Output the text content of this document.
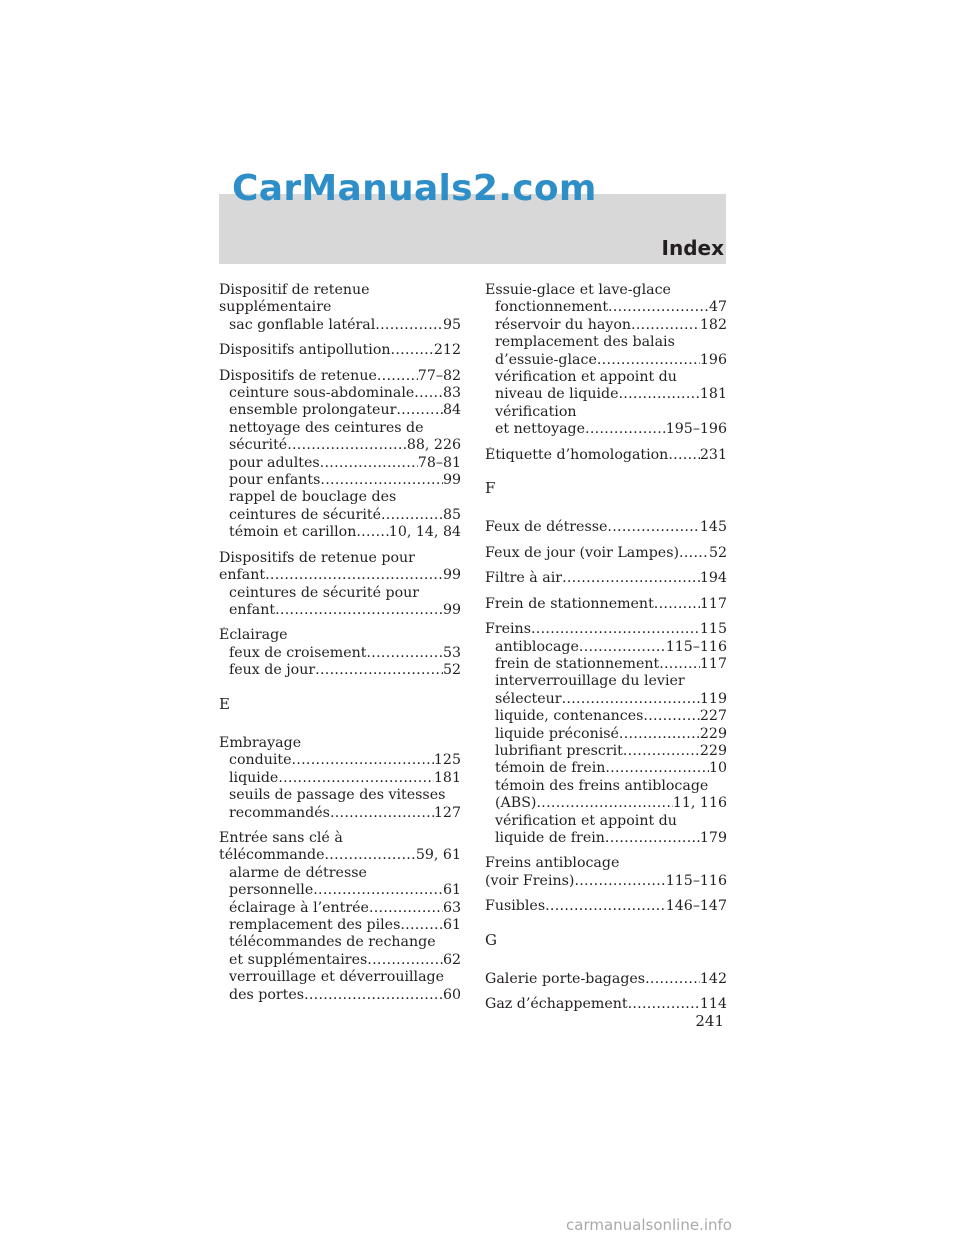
CarManuals2.com
Index
Dispositif de retenue
supplémentaire
sac gonflable latéral .....	95
Dispositifs antipollution .....	212
Dispositifs de retenue .....	77–82
ceinture sous-abdominale ..... 83
ensemble prolongateur .....	84
nettoyage des ceintures de
sécurité .....	88, 226
pour adultes .....	78–81
pour enfants .....	99
rappel de bouclage des
ceintures de sécurité .....	85
témoin et carillon ..... 10, 14, 84
Dispositifs de retenue pour
enfant .....	99
ceintures de sécurité pour
enfant .....	99
Éclairage
feux de croisement .....	53
feux de jour .....	52
E
Embrayage
conduite .....	125
liquide .....	181
seuils de passage des vitesses
recommandés .....	127
Entrée sans clé à
télécommande .....	59, 61
alarme de détresse
personnelle .....	61
éclairage à l’entrée .....	63
remplacement des piles .....	61
télécommandes de rechange
et supplémentaires .....	62
verrouillage et déverrouillage
des portes .....	60
Essuie-glace et lave-glace
fonctionnement .....	47
réservoir du hayon .....	182
remplacement des balais
d’essuie-glace .....	196
vérification et appoint du
niveau de liquide .....	181
vérification
et nettoyage .....	195–196
Étiquette d’homologation ..... 231
F
Feux de détresse .....	145
Feux de jour (voir Lampes) ..... 52
Filtre à air .....	194
Frein de stationnement .....	117
Freins .....	115
antiblocage .....	115–116
frein de stationnement .....	117
interverrouillage du levier
sélecteur .....	119
liquide, contenances .....	227
liquide préconisé .....	229
lubrifiant prescrit .....	229
témoin de frein .....	10
témoin des freins antiblocage
(ABS) .....	11, 116
vérification et appoint du
liquide de frein .....	179
Freins antiblocage
(voir Freins) .....	115–116
Fusibles .....	146–147
G
Galerie porte-bagages .....	142
Gaz d’échappement .....	114
241
carmanualsonline.info
